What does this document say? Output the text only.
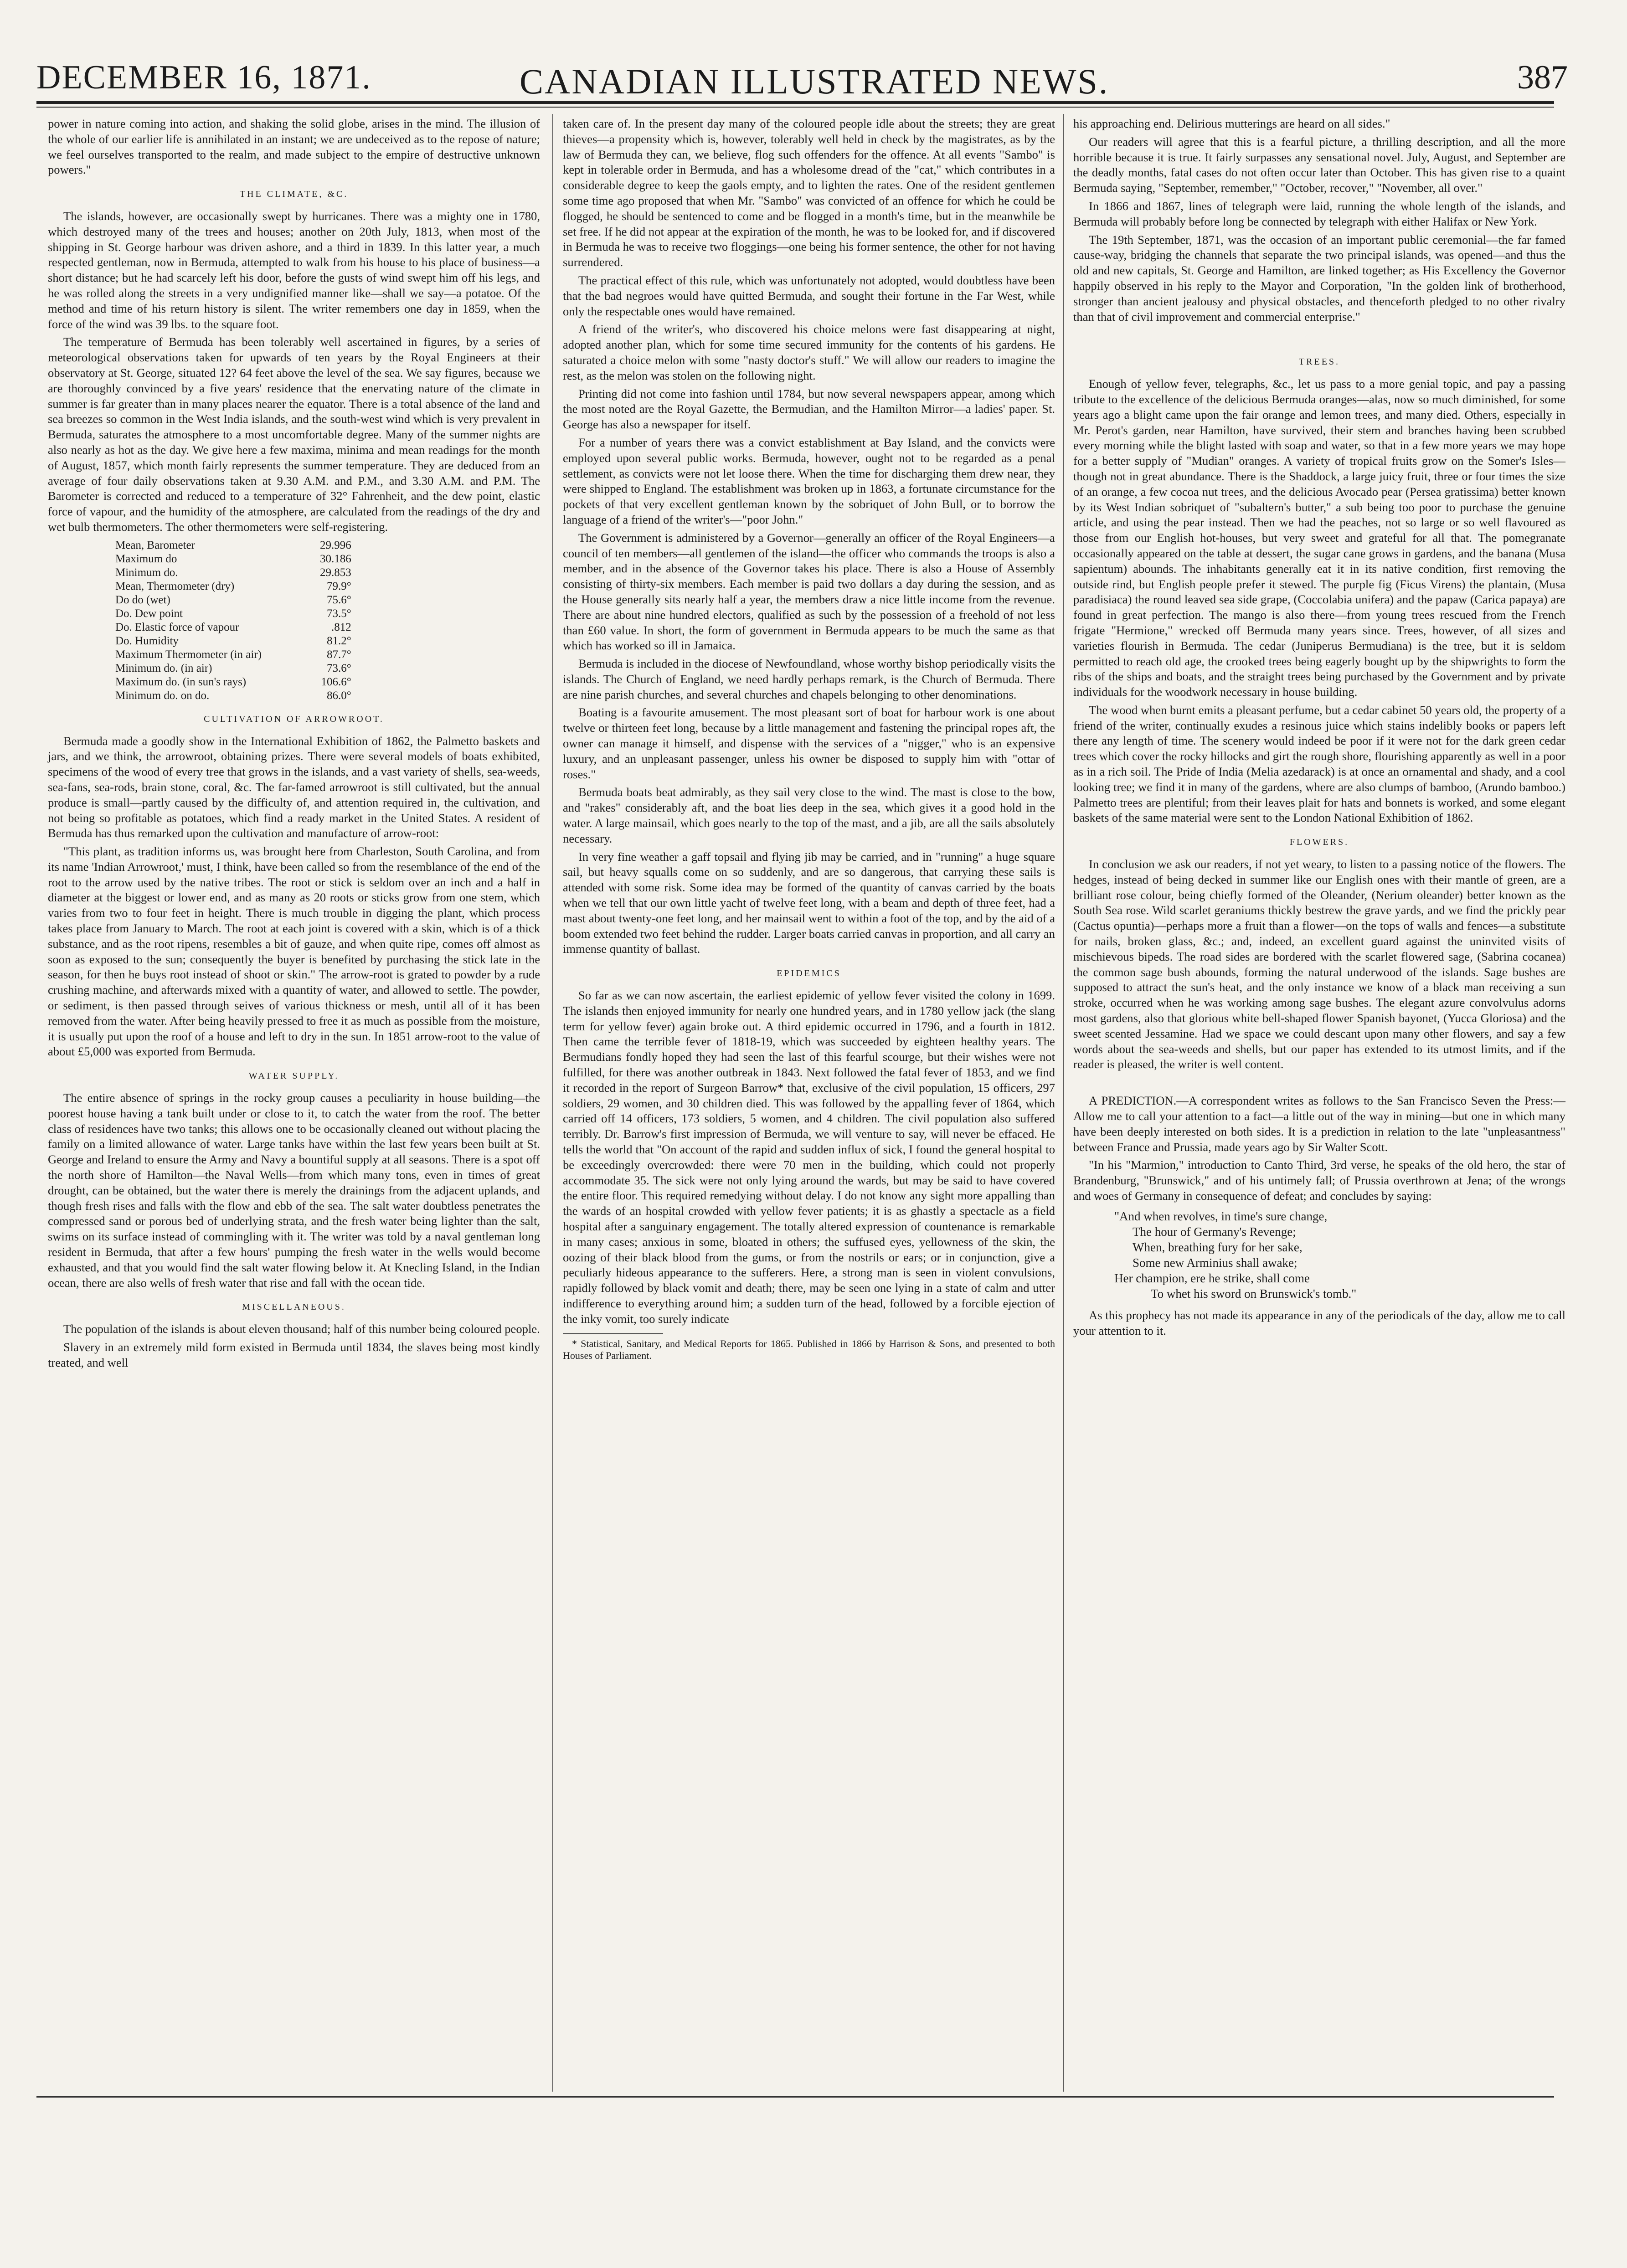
DECEMBER 16, 1871.	CANADIAN ILLUSTRATED NEWS.	387

power in nature coming into action, and shaking the solid globe, arises in the mind. The illusion of the whole of our earlier life is annihilated in an instant; we are undeceived as to the repose of nature; we feel ourselves transported to the realm, and made subject to the empire of destructive unknown powers."

THE CLIMATE, &C.

The islands, however, are occasionally swept by hurricanes. There was a mighty one in 1780, which destroyed many of the trees and houses; another on 20th July, 1813, when most of the shipping in St. George harbour was driven ashore, and a third in 1839. In this latter year, a much respected gentleman, now in Bermuda, attempted to walk from his house to his place of business—a short distance; but he had scarcely left his door, before the gusts of wind swept him off his legs, and he was rolled along the streets in a very undignified manner like—shall we say—a potatoe. Of the method and time of his return history is silent. The writer remembers one day in 1859, when the force of the wind was 39 lbs. to the square foot.

The temperature of Bermuda has been tolerably well ascertained in figures, by a series of meteorological observations taken for upwards of ten years by the Royal Engineers at their observatory at St. George, situated 12? 64 feet above the level of the sea. We say figures, because we are thoroughly convinced by a five years' residence that the enervating nature of the climate in summer is far greater than in many places nearer the equator. There is a total absence of the land and sea breezes so common in the West India islands, and the south-west wind which is very prevalent in Bermuda, saturates the atmosphere to a most uncomfortable degree. Many of the summer nights are also nearly as hot as the day. We give here a few maxima, minima and mean readings for the month of August, 1857, which month fairly represents the summer temperature. They are deduced from an average of four daily observations taken at 9.30 A.M. and P.M., and 3.30 A.M. and P.M. The Barometer is corrected and reduced to a temperature of 32° Fahrenheit, and the dew point, elastic force of vapour, and the humidity of the atmosphere, are calculated from the readings of the dry and wet bulb thermometers. The other thermometers were self-registering.

Mean, Barometer	29.996
Maximum do	30.186
Minimum do.	29.853
Mean, Thermometer (dry)	79.9°
Do do (wet)	75.6°
Do. Dew point	73.5°
Do. Elastic force of vapour	.812
Do. Humidity	81.2°
Maximum Thermometer (in air)	87.7°
Minimum do. (in air)	73.6°
Maximum do. (in sun's rays)	106.6°
Minimum do. on do.	86.0°
CULTIVATION OF ARROWROOT.

Bermuda made a goodly show in the International Exhibition of 1862, the Palmetto baskets and jars, and we think, the arrowroot, obtaining prizes. There were several models of boats exhibited, specimens of the wood of every tree that grows in the islands, and a vast variety of shells, sea-weeds, sea-fans, sea-rods, brain stone, coral, &c. The far-famed arrowroot is still cultivated, but the annual produce is small—partly caused by the difficulty of, and attention required in, the cultivation, and not being so profitable as potatoes, which find a ready market in the United States. A resident of Bermuda has thus remarked upon the cultivation and manufacture of arrow-root:

"This plant, as tradition informs us, was brought here from Charleston, South Carolina, and from its name 'Indian Arrowroot,' must, I think, have been called so from the resemblance of the end of the root to the arrow used by the native tribes. The root or stick is seldom over an inch and a half in diameter at the biggest or lower end, and as many as 20 roots or sticks grow from one stem, which varies from two to four feet in height. There is much trouble in digging the plant, which process takes place from January to March. The root at each joint is covered with a skin, which is of a thick substance, and as the root ripens, resembles a bit of gauze, and when quite ripe, comes off almost as soon as exposed to the sun; consequently the buyer is benefited by purchasing the stick late in the season, for then he buys root instead of shoot or skin." The arrow-root is grated to powder by a rude crushing machine, and afterwards mixed with a quantity of water, and allowed to settle. The powder, or sediment, is then passed through seives of various thickness or mesh, until all of it has been removed from the water. After being heavily pressed to free it as much as possible from the moisture, it is usually put upon the roof of a house and left to dry in the sun. In 1851 arrow-root to the value of about £5,000 was exported from Bermuda.

WATER SUPPLY.

The entire absence of springs in the rocky group causes a peculiarity in house building—the poorest house having a tank built under or close to it, to catch the water from the roof. The better class of residences have two tanks; this allows one to be occasionally cleaned out without placing the family on a limited allowance of water. Large tanks have within the last few years been built at St. George and Ireland to ensure the Army and Navy a bountiful supply at all seasons. There is a spot off the north shore of Hamilton—the Naval Wells—from which many tons, even in times of great drought, can be obtained, but the water there is merely the drainings from the adjacent uplands, and though fresh rises and falls with the flow and ebb of the sea. The salt water doubtless penetrates the compressed sand or porous bed of underlying strata, and the fresh water being lighter than the salt, swims on its surface instead of commingling with it. The writer was told by a naval gentleman long resident in Bermuda, that after a few hours' pumping the fresh water in the wells would become exhausted, and that you would find the salt water flowing below it. At Knecling Island, in the Indian ocean, there are also wells of fresh water that rise and fall with the ocean tide.

MISCELLANEOUS.

The population of the islands is about eleven thousand; half of this number being coloured people.

Slavery in an extremely mild form existed in Bermuda until 1834, the slaves being most kindly treated, and well

taken care of. In the present day many of the coloured people idle about the streets; they are great thieves—a propensity which is, however, tolerably well held in check by the magistrates, as by the law of Bermuda they can, we believe, flog such offenders for the offence. At all events "Sambo" is kept in tolerable order in Bermuda, and has a wholesome dread of the "cat," which contributes in a considerable degree to keep the gaols empty, and to lighten the rates. One of the resident gentlemen some time ago proposed that when Mr. "Sambo" was convicted of an offence for which he could be flogged, he should be sentenced to come and be flogged in a month's time, but in the meanwhile be set free. If he did not appear at the expiration of the month, he was to be looked for, and if discovered in Bermuda he was to receive two floggings—one being his former sentence, the other for not having surrendered.

The practical effect of this rule, which was unfortunately not adopted, would doubtless have been that the bad negroes would have quitted Bermuda, and sought their fortune in the Far West, while only the respectable ones would have remained.

A friend of the writer's, who discovered his choice melons were fast disappearing at night, adopted another plan, which for some time secured immunity for the contents of his gardens. He saturated a choice melon with some "nasty doctor's stuff." We will allow our readers to imagine the rest, as the melon was stolen on the following night.

Printing did not come into fashion until 1784, but now several newspapers appear, among which the most noted are the Royal Gazette, the Bermudian, and the Hamilton Mirror—a ladies' paper. St. George has also a newspaper for itself.

For a number of years there was a convict establishment at Bay Island, and the convicts were employed upon several public works. Bermuda, however, ought not to be regarded as a penal settlement, as convicts were not let loose there. When the time for discharging them drew near, they were shipped to England. The establishment was broken up in 1863, a fortunate circumstance for the pockets of that very excellent gentleman known by the sobriquet of John Bull, or to borrow the language of a friend of the writer's—"poor John."

The Government is administered by a Governor—generally an officer of the Royal Engineers—a council of ten members—all gentlemen of the island—the officer who commands the troops is also a member, and in the absence of the Governor takes his place. There is also a House of Assembly consisting of thirty-six members. Each member is paid two dollars a day during the session, and as the House generally sits nearly half a year, the members draw a nice little income from the revenue. There are about nine hundred electors, qualified as such by the possession of a freehold of not less than £60 value. In short, the form of government in Bermuda appears to be much the same as that which has worked so ill in Jamaica.

Bermuda is included in the diocese of Newfoundland, whose worthy bishop periodically visits the islands. The Church of England, we need hardly perhaps remark, is the Church of Bermuda. There are nine parish churches, and several churches and chapels belonging to other denominations.

Boating is a favourite amusement. The most pleasant sort of boat for harbour work is one about twelve or thirteen feet long, because by a little management and fastening the principal ropes aft, the owner can manage it himself, and dispense with the services of a "nigger," who is an expensive luxury, and an unpleasant passenger, unless his owner be disposed to supply him with "ottar of roses."

Bermuda boats beat admirably, as they sail very close to the wind. The mast is close to the bow, and "rakes" considerably aft, and the boat lies deep in the sea, which gives it a good hold in the water. A large mainsail, which goes nearly to the top of the mast, and a jib, are all the sails absolutely necessary.

In very fine weather a gaff topsail and flying jib may be carried, and in "running" a huge square sail, but heavy squalls come on so suddenly, and are so dangerous, that carrying these sails is attended with some risk. Some idea may be formed of the quantity of canvas carried by the boats when we tell that our own little yacht of twelve feet long, with a beam and depth of three feet, had a mast about twenty-one feet long, and her mainsail went to within a foot of the top, and by the aid of a boom extended two feet behind the rudder. Larger boats carried canvas in proportion, and all carry an immense quantity of ballast.

EPIDEMICS

So far as we can now ascertain, the earliest epidemic of yellow fever visited the colony in 1699. The islands then enjoyed immunity for nearly one hundred years, and in 1780 yellow jack (the slang term for yellow fever) again broke out. A third epidemic occurred in 1796, and a fourth in 1812. Then came the terrible fever of 1818-19, which was succeeded by eighteen healthy years. The Bermudians fondly hoped they had seen the last of this fearful scourge, but their wishes were not fulfilled, for there was another outbreak in 1843. Next followed the fatal fever of 1853, and we find it recorded in the report of Surgeon Barrow* that, exclusive of the civil population, 15 officers, 297 soldiers, 29 women, and 30 children died. This was followed by the appalling fever of 1864, which carried off 14 officers, 173 soldiers, 5 women, and 4 children. The civil population also suffered terribly. Dr. Barrow's first impression of Bermuda, we will venture to say, will never be effaced. He tells the world that "On account of the rapid and sudden influx of sick, I found the general hospital to be exceedingly overcrowded: there were 70 men in the building, which could not properly accommodate 35. The sick were not only lying around the wards, but may be said to have covered the entire floor. This required remedying without delay. I do not know any sight more appalling than the wards of an hospital crowded with yellow fever patients; it is as ghastly a spectacle as a field hospital after a sanguinary engagement. The totally altered expression of countenance is remarkable in many cases; anxious in some, bloated in others; the suffused eyes, yellowness of the skin, the oozing of their black blood from the gums, or from the nostrils or ears; or in conjunction, give a peculiarly hideous appearance to the sufferers. Here, a strong man is seen in violent convulsions, rapidly followed by black vomit and death; there, may be seen one lying in a state of calm and utter indifference to everything around him; a sudden turn of the head, followed by a forcible ejection of the inky vomit, too surely indicate

* Statistical, Sanitary, and Medical Reports for 1865. Published in 1866 by Harrison & Sons, and presented to both Houses of Parliament.

his approaching end. Delirious mutterings are heard on all sides."

Our readers will agree that this is a fearful picture, a thrilling description, and all the more horrible because it is true. It fairly surpasses any sensational novel. July, August, and September are the deadly months, fatal cases do not often occur later than October. This has given rise to a quaint Bermuda saying, "September, remember," "October, recover," "November, all over."

In 1866 and 1867, lines of telegraph were laid, running the whole length of the islands, and Bermuda will probably before long be connected by telegraph with either Halifax or New York.

The 19th September, 1871, was the occasion of an important public ceremonial—the far famed cause-way, bridging the channels that separate the two principal islands, was opened—and thus the old and new capitals, St. George and Hamilton, are linked together; as His Excellency the Governor happily observed in his reply to the Mayor and Corporation, "In the golden link of brotherhood, stronger than ancient jealousy and physical obstacles, and thenceforth pledged to no other rivalry than that of civil improvement and commercial enterprise."

TREES.

Enough of yellow fever, telegraphs, &c., let us pass to a more genial topic, and pay a passing tribute to the excellence of the delicious Bermuda oranges—alas, now so much diminished, for some years ago a blight came upon the fair orange and lemon trees, and many died. Others, especially in Mr. Perot's garden, near Hamilton, have survived, their stem and branches having been scrubbed every morning while the blight lasted with soap and water, so that in a few more years we may hope for a better supply of "Mudian" oranges. A variety of tropical fruits grow on the Somer's Isles—though not in great abundance. There is the Shaddock, a large juicy fruit, three or four times the size of an orange, a few cocoa nut trees, and the delicious Avocado pear (Persea gratissima) better known by its West Indian sobriquet of "subaltern's butter," a sub being too poor to purchase the genuine article, and using the pear instead. Then we had the peaches, not so large or so well flavoured as those from our English hot-houses, but very sweet and grateful for all that. The pomegranate occasionally appeared on the table at dessert, the sugar cane grows in gardens, and the banana (Musa sapientum) abounds. The inhabitants generally eat it in its native condition, first removing the outside rind, but English people prefer it stewed. The purple fig (Ficus Virens) the plantain, (Musa paradisiaca) the round leaved sea side grape, (Coccolabia unifera) and the papaw (Carica papaya) are found in great perfection. The mango is also there—from young trees rescued from the French frigate "Hermione," wrecked off Bermuda many years since. Trees, however, of all sizes and varieties flourish in Bermuda. The cedar (Juniperus Bermudiana) is the tree, but it is seldom permitted to reach old age, the crooked trees being eagerly bought up by the shipwrights to form the ribs of the ships and boats, and the straight trees being purchased by the Government and by private individuals for the woodwork necessary in house building.

The wood when burnt emits a pleasant perfume, but a cedar cabinet 50 years old, the property of a friend of the writer, continually exudes a resinous juice which stains indelibly books or papers left there any length of time. The scenery would indeed be poor if it were not for the dark green cedar trees which cover the rocky hillocks and girt the rough shore, flourishing apparently as well in a poor as in a rich soil. The Pride of India (Melia azedarack) is at once an ornamental and shady, and a cool looking tree; we find it in many of the gardens, where are also clumps of bamboo, (Arundo bamboo.) Palmetto trees are plentiful; from their leaves plait for hats and bonnets is worked, and some elegant baskets of the same material were sent to the London National Exhibition of 1862.

FLOWERS.

In conclusion we ask our readers, if not yet weary, to listen to a passing notice of the flowers. The hedges, instead of being decked in summer like our English ones with their mantle of green, are a brilliant rose colour, being chiefly formed of the Oleander, (Nerium oleander) better known as the South Sea rose. Wild scarlet geraniums thickly bestrew the grave yards, and we find the prickly pear (Cactus opuntia)—perhaps more a fruit than a flower—on the tops of walls and fences—a substitute for nails, broken glass, &c.; and, indeed, an excellent guard against the uninvited visits of mischievous bipeds. The road sides are bordered with the scarlet flowered sage, (Sabrina cocanea) the common sage bush abounds, forming the natural underwood of the islands. Sage bushes are supposed to attract the sun's heat, and the only instance we know of a black man receiving a sun stroke, occurred when he was working among sage bushes. The elegant azure convolvulus adorns most gardens, also that glorious white bell-shaped flower Spanish bayonet, (Yucca Gloriosa) and the sweet scented Jessamine. Had we space we could descant upon many other flowers, and say a few words about the sea-weeds and shells, but our paper has extended to its utmost limits, and if the reader is pleased, the writer is well content.

A PREDICTION.—A correspondent writes as follows to the San Francisco Seven the Press:—Allow me to call your attention to a fact—a little out of the way in mining—but one in which many have been deeply interested on both sides. It is a prediction in relation to the late "unpleasantness" between France and Prussia, made years ago by Sir Walter Scott.

"In his "Marmion," introduction to Canto Third, 3rd verse, he speaks of the old hero, the star of Brandenburg, "Brunswick," and of his untimely fall; of Prussia overthrown at Jena; of the wrongs and woes of Germany in consequence of defeat; and concludes by saying:

"And when revolves, in time's sure change,
The hour of Germany's Revenge;
When, breathing fury for her sake,
Some new Arminius shall awake;
Her champion, ere he strike, shall come
To whet his sword on Brunswick's tomb."

As this prophecy has not made its appearance in any of the periodicals of the day, allow me to call your attention to it.
